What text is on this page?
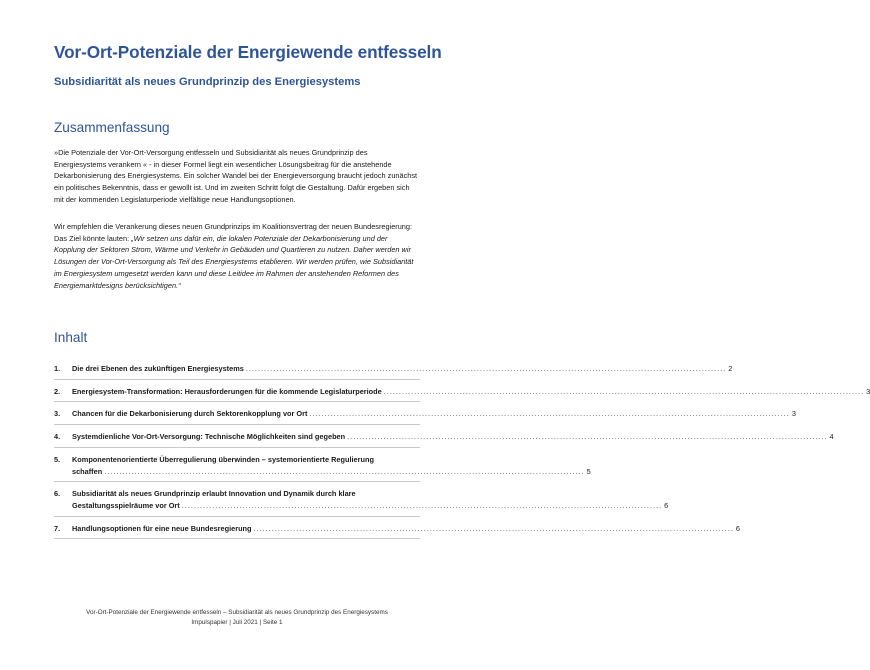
Vor-Ort-Potenziale der Energiewende entfesseln
Subsidiarität als neues Grundprinzip des Energiesystems
Zusammenfassung
»Die Potenziale der Vor-Ort-Versorgung entfesseln und Subsidiarität als neues Grundprinzip des Energiesystems verankern « - in dieser Formel liegt ein wesentlicher Lösungsbeitrag für die anstehende Dekarbonisierung des Energiesystems. Ein solcher Wandel bei der Energieversorgung braucht jedoch zunächst ein politisches Bekenntnis, dass er gewollt ist. Und im zweiten Schritt folgt die Gestaltung. Dafür ergeben sich mit der kommenden Legislaturperiode vielfältige neue Handlungsoptionen.
Wir empfehlen die Verankerung dieses neuen Grundprinzips im Koalitionsvertrag der neuen Bundesregierung: Das Ziel könnte lauten: „Wir setzen uns dafür ein, die lokalen Potenziale der Dekarbonisierung und der Kopplung der Sektoren Strom, Wärme und Verkehr in Gebäuden und Quartieren zu nutzen. Daher werden wir Lösungen der Vor-Ort-Versorgung als Teil des Energiesystems etablieren. Wir werden prüfen, wie Subsidiarität im Energiesystem umgesetzt werden kann und diese Leitidee im Rahmen der anstehenden Reformen des Energiemarktdesigns berücksichtigen.“
Inhalt
1. Die drei Ebenen des zukünftigen Energiesystems .............................................................................................................................................................. 2
2. Energiesystem-Transformation: Herausforderungen für die kommende Legislaturperiode .............................................................................................................................................................. 3
3. Chancen für die Dekarbonisierung durch Sektorenkopplung vor Ort .............................................................................................................................................................. 3
4. Systemdienliche Vor-Ort-Versorgung: Technische Möglichkeiten sind gegeben .............................................................................................................................................................. 4
5. Komponentenorientierte Überregulierung überwinden – systemorientierte Regulierung
schaffen .............................................................................................................................................................. 5
6. Subsidiarität als neues Grundprinzip erlaubt Innovation und Dynamik durch klare
Gestaltungsspielräume vor Ort .............................................................................................................................................................. 6
7. Handlungsoptionen für eine neue Bundesregierung .............................................................................................................................................................. 6
Vor-Ort-Potenziale der Energiewende entfesseln – Subsidiarität als neues Grundprinzip des Energiesystems
Impulspapier | Juli 2021 | Seite 1
